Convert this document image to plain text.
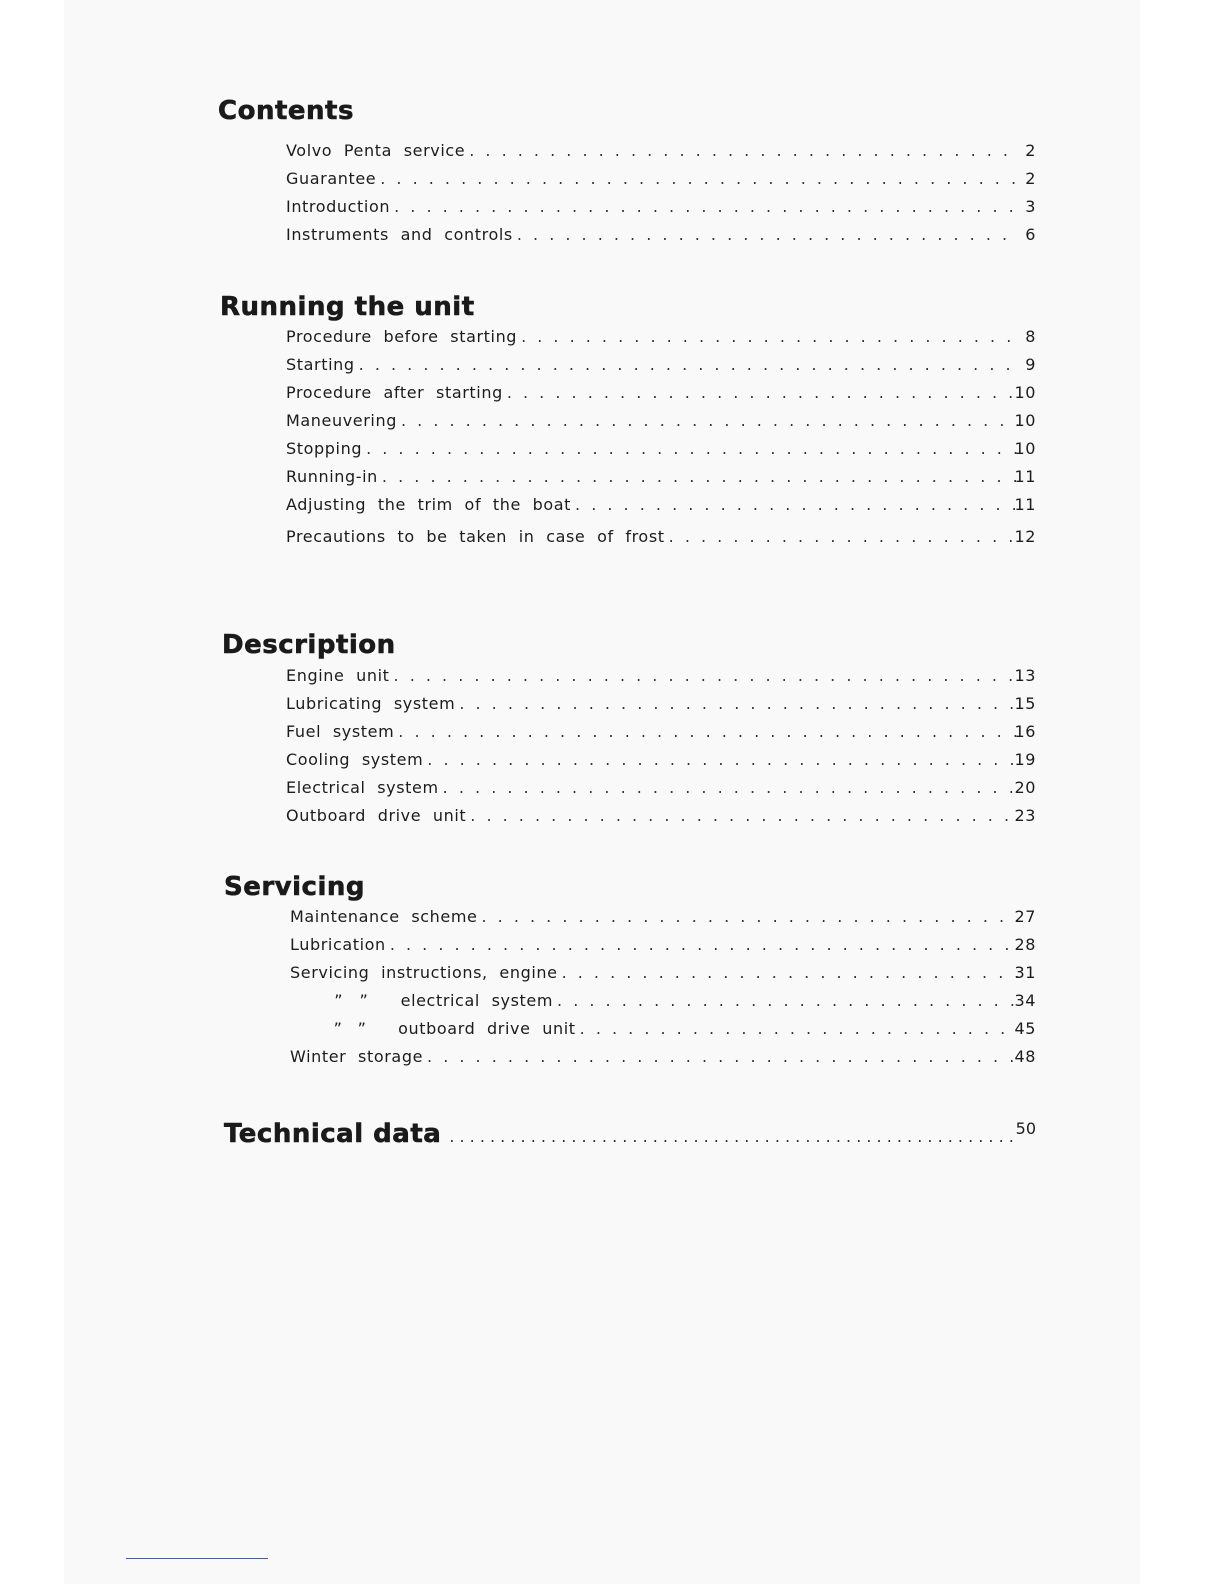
Contents
Volvo Penta service . . .	2
Guarantee . . .	2
Introduction . . .	3
Instruments and controls . . .	6
Running the unit
Procedure before starting . . .	8
Starting . . .	9
Procedure after starting . . .	10
Maneuvering . . .	10
Stopping . . .	10
Running-in . . .	11
Adjusting the trim of the boat . . .	11
Precautions to be taken in case of frost . . .	12
Description
Engine unit . . .	13
Lubricating system . . .	15
Fuel system . . .	16
Cooling system . . .	19
Electrical system . . .	20
Outboard drive unit . . .	23
Servicing
Maintenance scheme . . .	27
Lubrication . . .	28
Servicing instructions, engine . . .	31
”	”	electrical system . . .	34
” ”	outboard drive unit . . .	45
Winter storage . . .	48
Technical data . . .	50
